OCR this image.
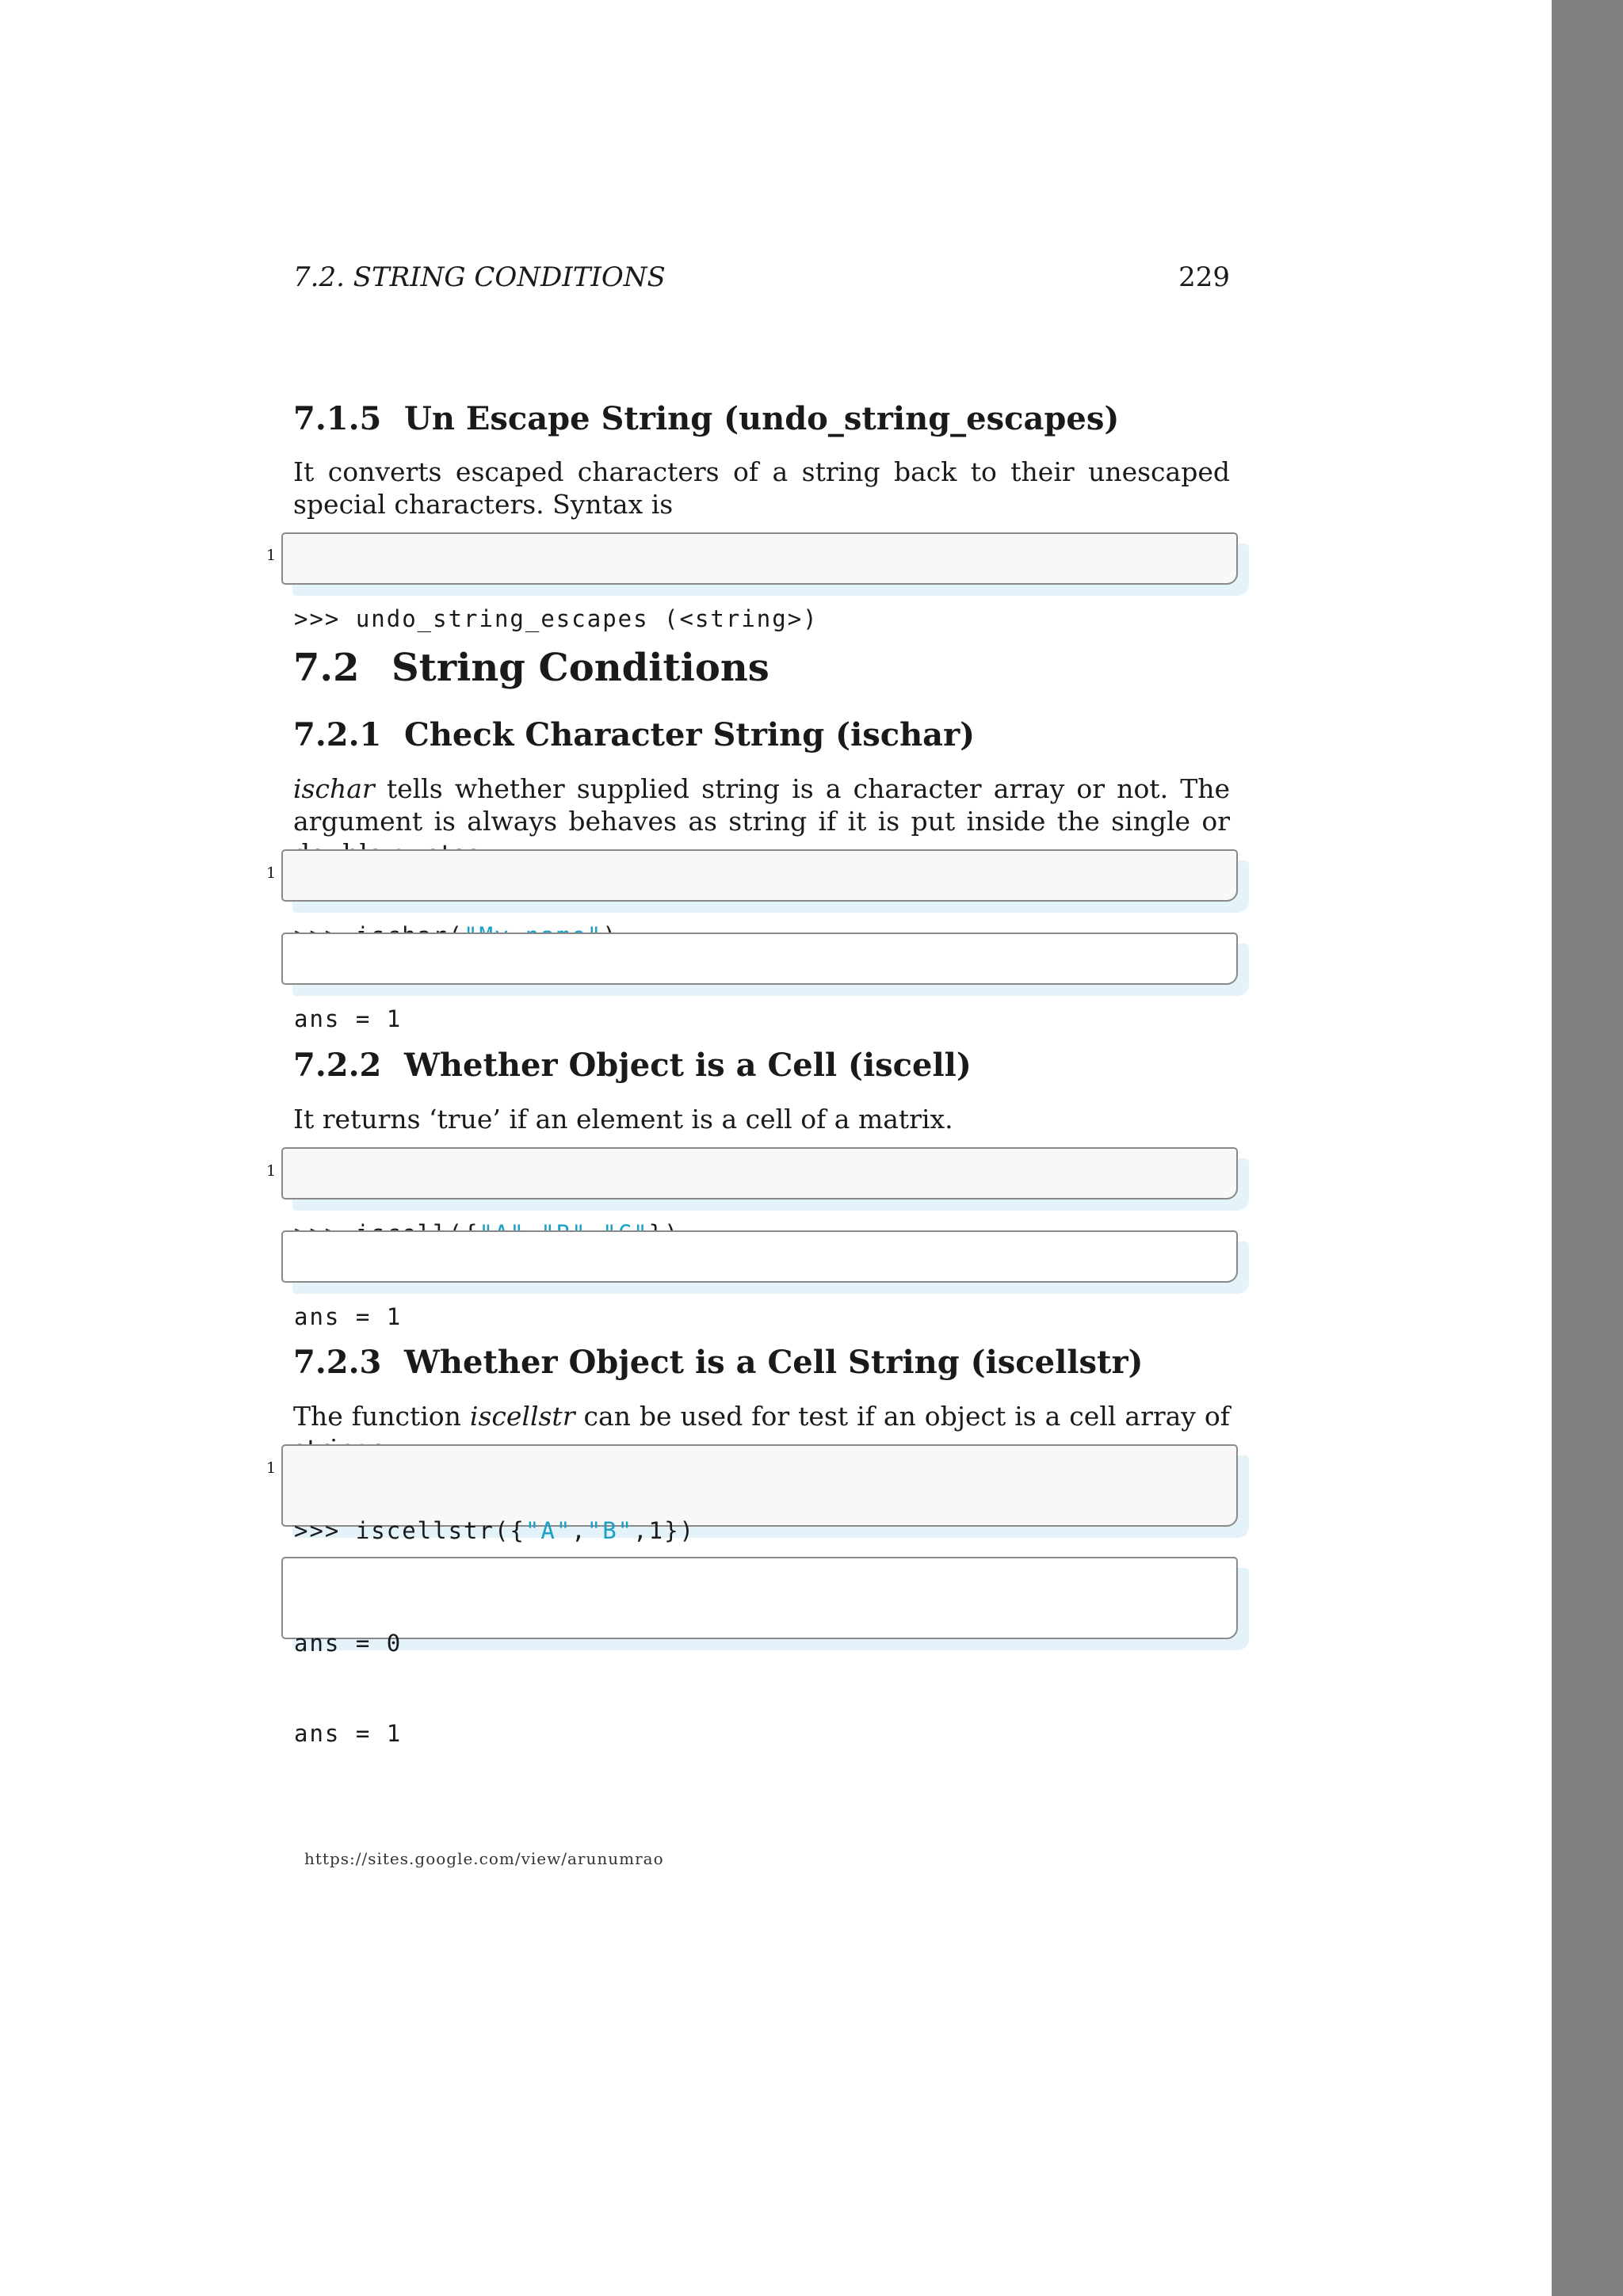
7.2. STRING CONDITIONS	229
7.1.5 Un Escape String (undo_string_escapes)

It converts escaped characters of a string back to their unescaped special characters. Syntax is

1

>>> undo_string_escapes (<string>)

7.2 String Conditions
7.2.1 Check Character String (ischar)

ischar tells whether supplied string is a character array or not. The argument is always behaves as string if it is put inside the single or

1

ans = 1

7.2.2 Whether Object is a Cell (iscell)

It returns ‘true’ if an element is a cell of a matrix.

1

ans = 1

7.2.3 Whether Object is a Cell String (iscellstr)

The function iscellstr can be used for test if an object is a cell array of

1

>>> iscellstr({"A","B",1})

ans = 0

ans = 1

https://sites.google.com/view/arunumrao
